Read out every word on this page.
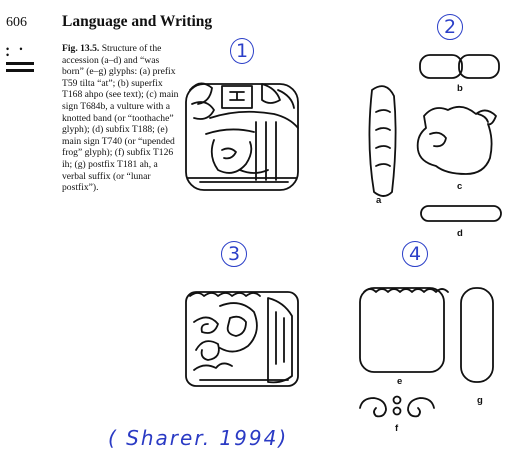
606 Language and Writing
• • •
Fig. 13.5. Structure of the accession (a–d) and “was born” (e–g) glyphs: (a) prefix T59 tilta “at”; (b) superfix T168 ahpo (see text); (c) main sign T684b, a vulture with a knotted band (or “toothache” glyph); (d) subfix T188; (e) main sign T740 (or “upended frog” glyph); (f) subfix T126 ih; (g) postfix T181 ah, a verbal suffix (or “lunar postfix”).
1
2
3	4
a
b
c
d
e
f
g
( Sharer. 1994)
